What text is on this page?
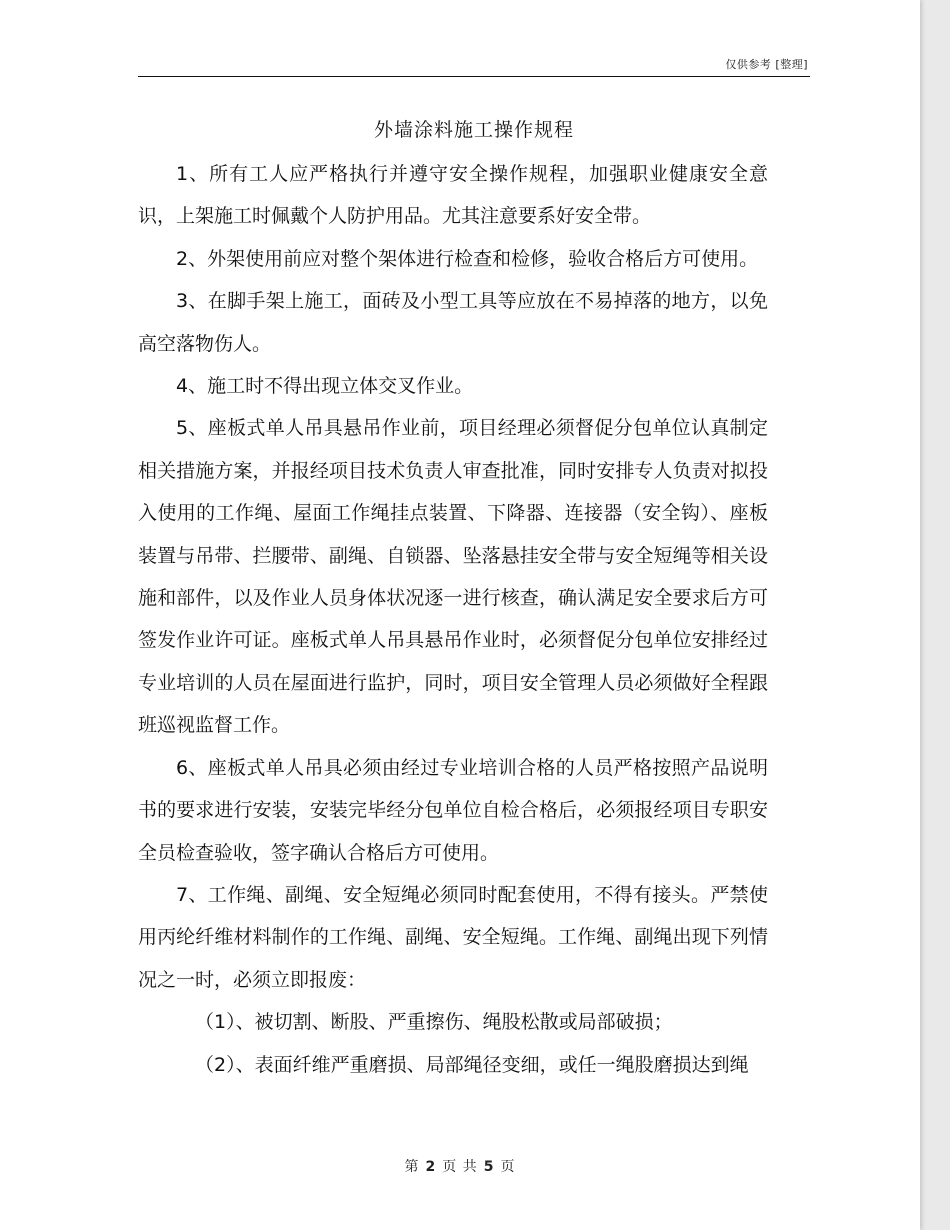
仅供参考 [整理]
外墙涂料施工操作规程

1、所有工人应严格执行并遵守安全操作规程，加强职业健康安全意识，上架施工时佩戴个人防护用品。尤其注意要系好安全带。

2、外架使用前应对整个架体进行检查和检修，验收合格后方可使用。

3、在脚手架上施工，面砖及小型工具等应放在不易掉落的地方，以免高空落物伤人。

4、施工时不得出现立体交叉作业。

5、座板式单人吊具悬吊作业前，项目经理必须督促分包单位认真制定相关措施方案，并报经项目技术负责人审查批准，同时安排专人负责对拟投入使用的工作绳、屋面工作绳挂点装置、下降器、连接器（安全钩）、座板装置与吊带、拦腰带、副绳、自锁器、坠落悬挂安全带与安全短绳等相关设施和部件，以及作业人员身体状况逐一进行核查，确认满足安全要求后方可签发作业许可证。座板式单人吊具悬吊作业时，必须督促分包单位安排经过专业培训的人员在屋面进行监护，同时，项目安全管理人员必须做好全程跟班巡视监督工作。

6、座板式单人吊具必须由经过专业培训合格的人员严格按照产品说明书的要求进行安装，安装完毕经分包单位自检合格后，必须报经项目专职安全员检查验收，签字确认合格后方可使用。

7、工作绳、副绳、安全短绳必须同时配套使用，不得有接头。严禁使用丙纶纤维材料制作的工作绳、副绳、安全短绳。工作绳、副绳出现下列情况之一时，必须立即报废：

（1）、被切割、断股、严重擦伤、绳股松散或局部破损；

（2）、表面纤维严重磨损、局部绳径变细，或任一绳股磨损达到绳

第 2 页 共 5 页
